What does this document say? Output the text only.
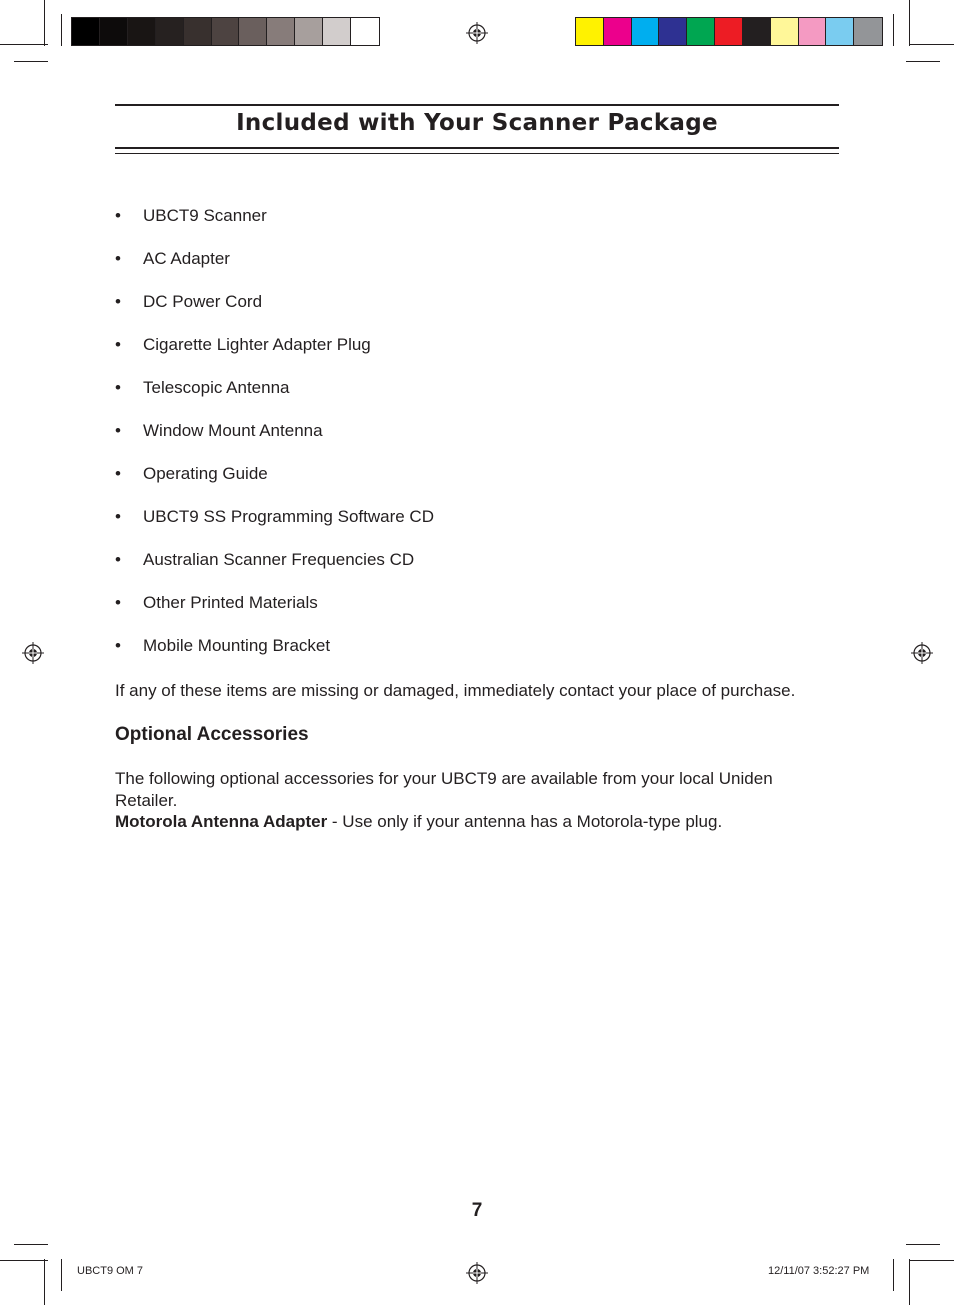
Included with Your Scanner Package
•	UBCT9 Scanner
•	AC Adapter
•	DC Power Cord
•	Cigarette Lighter Adapter Plug
•	Telescopic Antenna
•	Window Mount Antenna
•	Operating Guide
•	UBCT9 SS Programming Software CD
•	Australian Scanner Frequencies CD
•	Other Printed Materials
•	Mobile Mounting Bracket
If any of these items are missing or damaged, immediately contact your place of purchase.
Optional Accessories
The following optional accessories for your UBCT9 are available from your local Uniden Retailer.
Motorola Antenna Adapter - Use only if your antenna has a Motorola-type plug.
7
UBCT9 OM 7	12/11/07 3:52:27 PM
